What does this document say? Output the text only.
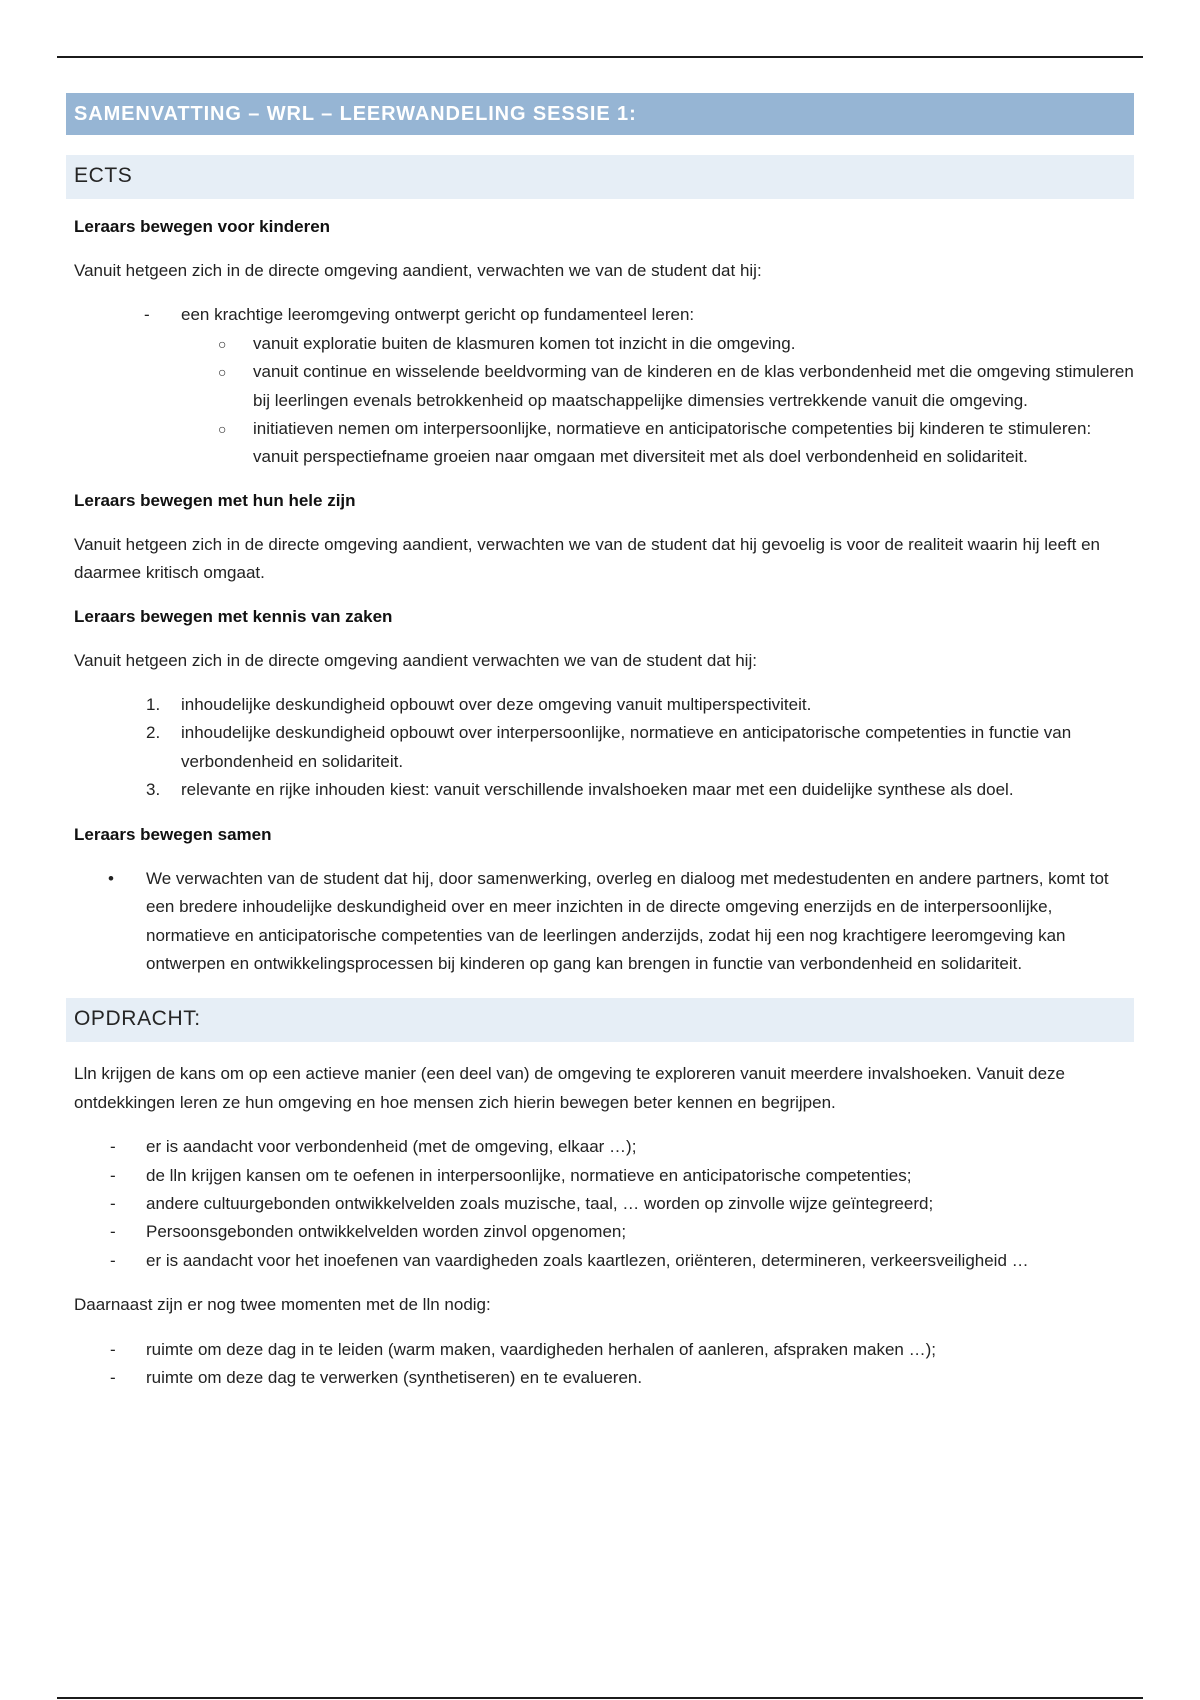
SAMENVATTING – WRL – LEERWANDELING SESSIE 1:
ECTS
Leraars bewegen voor kinderen
Vanuit hetgeen zich in de directe omgeving aandient, verwachten we van de student dat hij:
- een krachtige leeromgeving ontwerpt gericht op fundamenteel leren:
○ vanuit exploratie buiten de klasmuren komen tot inzicht in die omgeving.
○ vanuit continue en wisselende beeldvorming van de kinderen en de klas verbondenheid met die omgeving stimuleren bij leerlingen evenals betrokkenheid op maatschappelijke dimensies vertrekkende vanuit die omgeving.
○ initiatieven nemen om interpersoonlijke, normatieve en anticipatorische competenties bij kinderen te stimuleren: vanuit perspectiefname groeien naar omgaan met diversiteit met als doel verbondenheid en solidariteit.
Leraars bewegen met hun hele zijn
Vanuit hetgeen zich in de directe omgeving aandient, verwachten we van de student dat hij gevoelig is voor de realiteit waarin hij leeft en daarmee kritisch omgaat.
Leraars bewegen met kennis van zaken
Vanuit hetgeen zich in de directe omgeving aandient verwachten we van de student dat hij:
1. inhoudelijke deskundigheid opbouwt over deze omgeving vanuit multiperspectiviteit.
2. inhoudelijke deskundigheid opbouwt over interpersoonlijke, normatieve en anticipatorische competenties in functie van verbondenheid en solidariteit.
3. relevante en rijke inhouden kiest: vanuit verschillende invalshoeken maar met een duidelijke synthese als doel.
Leraars bewegen samen
• We verwachten van de student dat hij, door samenwerking, overleg en dialoog met medestudenten en andere partners, komt tot een bredere inhoudelijke deskundigheid over en meer inzichten in de directe omgeving enerzijds en de interpersoonlijke, normatieve en anticipatorische competenties van de leerlingen anderzijds, zodat hij een nog krachtigere leeromgeving kan ontwerpen en ontwikkelingsprocessen bij kinderen op gang kan brengen in functie van verbondenheid en solidariteit.
OPDRACHT:
Lln krijgen de kans om op een actieve manier (een deel van) de omgeving te exploreren vanuit meerdere invalshoeken. Vanuit deze ontdekkingen leren ze hun omgeving en hoe mensen zich hierin bewegen beter kennen en begrijpen.
- er is aandacht voor verbondenheid (met de omgeving, elkaar …);
- de lln krijgen kansen om te oefenen in interpersoonlijke, normatieve en anticipatorische competenties;
- andere cultuurgebonden ontwikkelvelden zoals muzische, taal, … worden op zinvolle wijze geïntegreerd;
- Persoonsgebonden ontwikkelvelden worden zinvol opgenomen;
- er is aandacht voor het inoefenen van vaardigheden zoals kaartlezen, oriënteren, determineren, verkeersveiligheid …
Daarnaast zijn er nog twee momenten met de lln nodig:
- ruimte om deze dag in te leiden (warm maken, vaardigheden herhalen of aanleren, afspraken maken …);
- ruimte om deze dag te verwerken (synthetiseren) en te evalueren.
